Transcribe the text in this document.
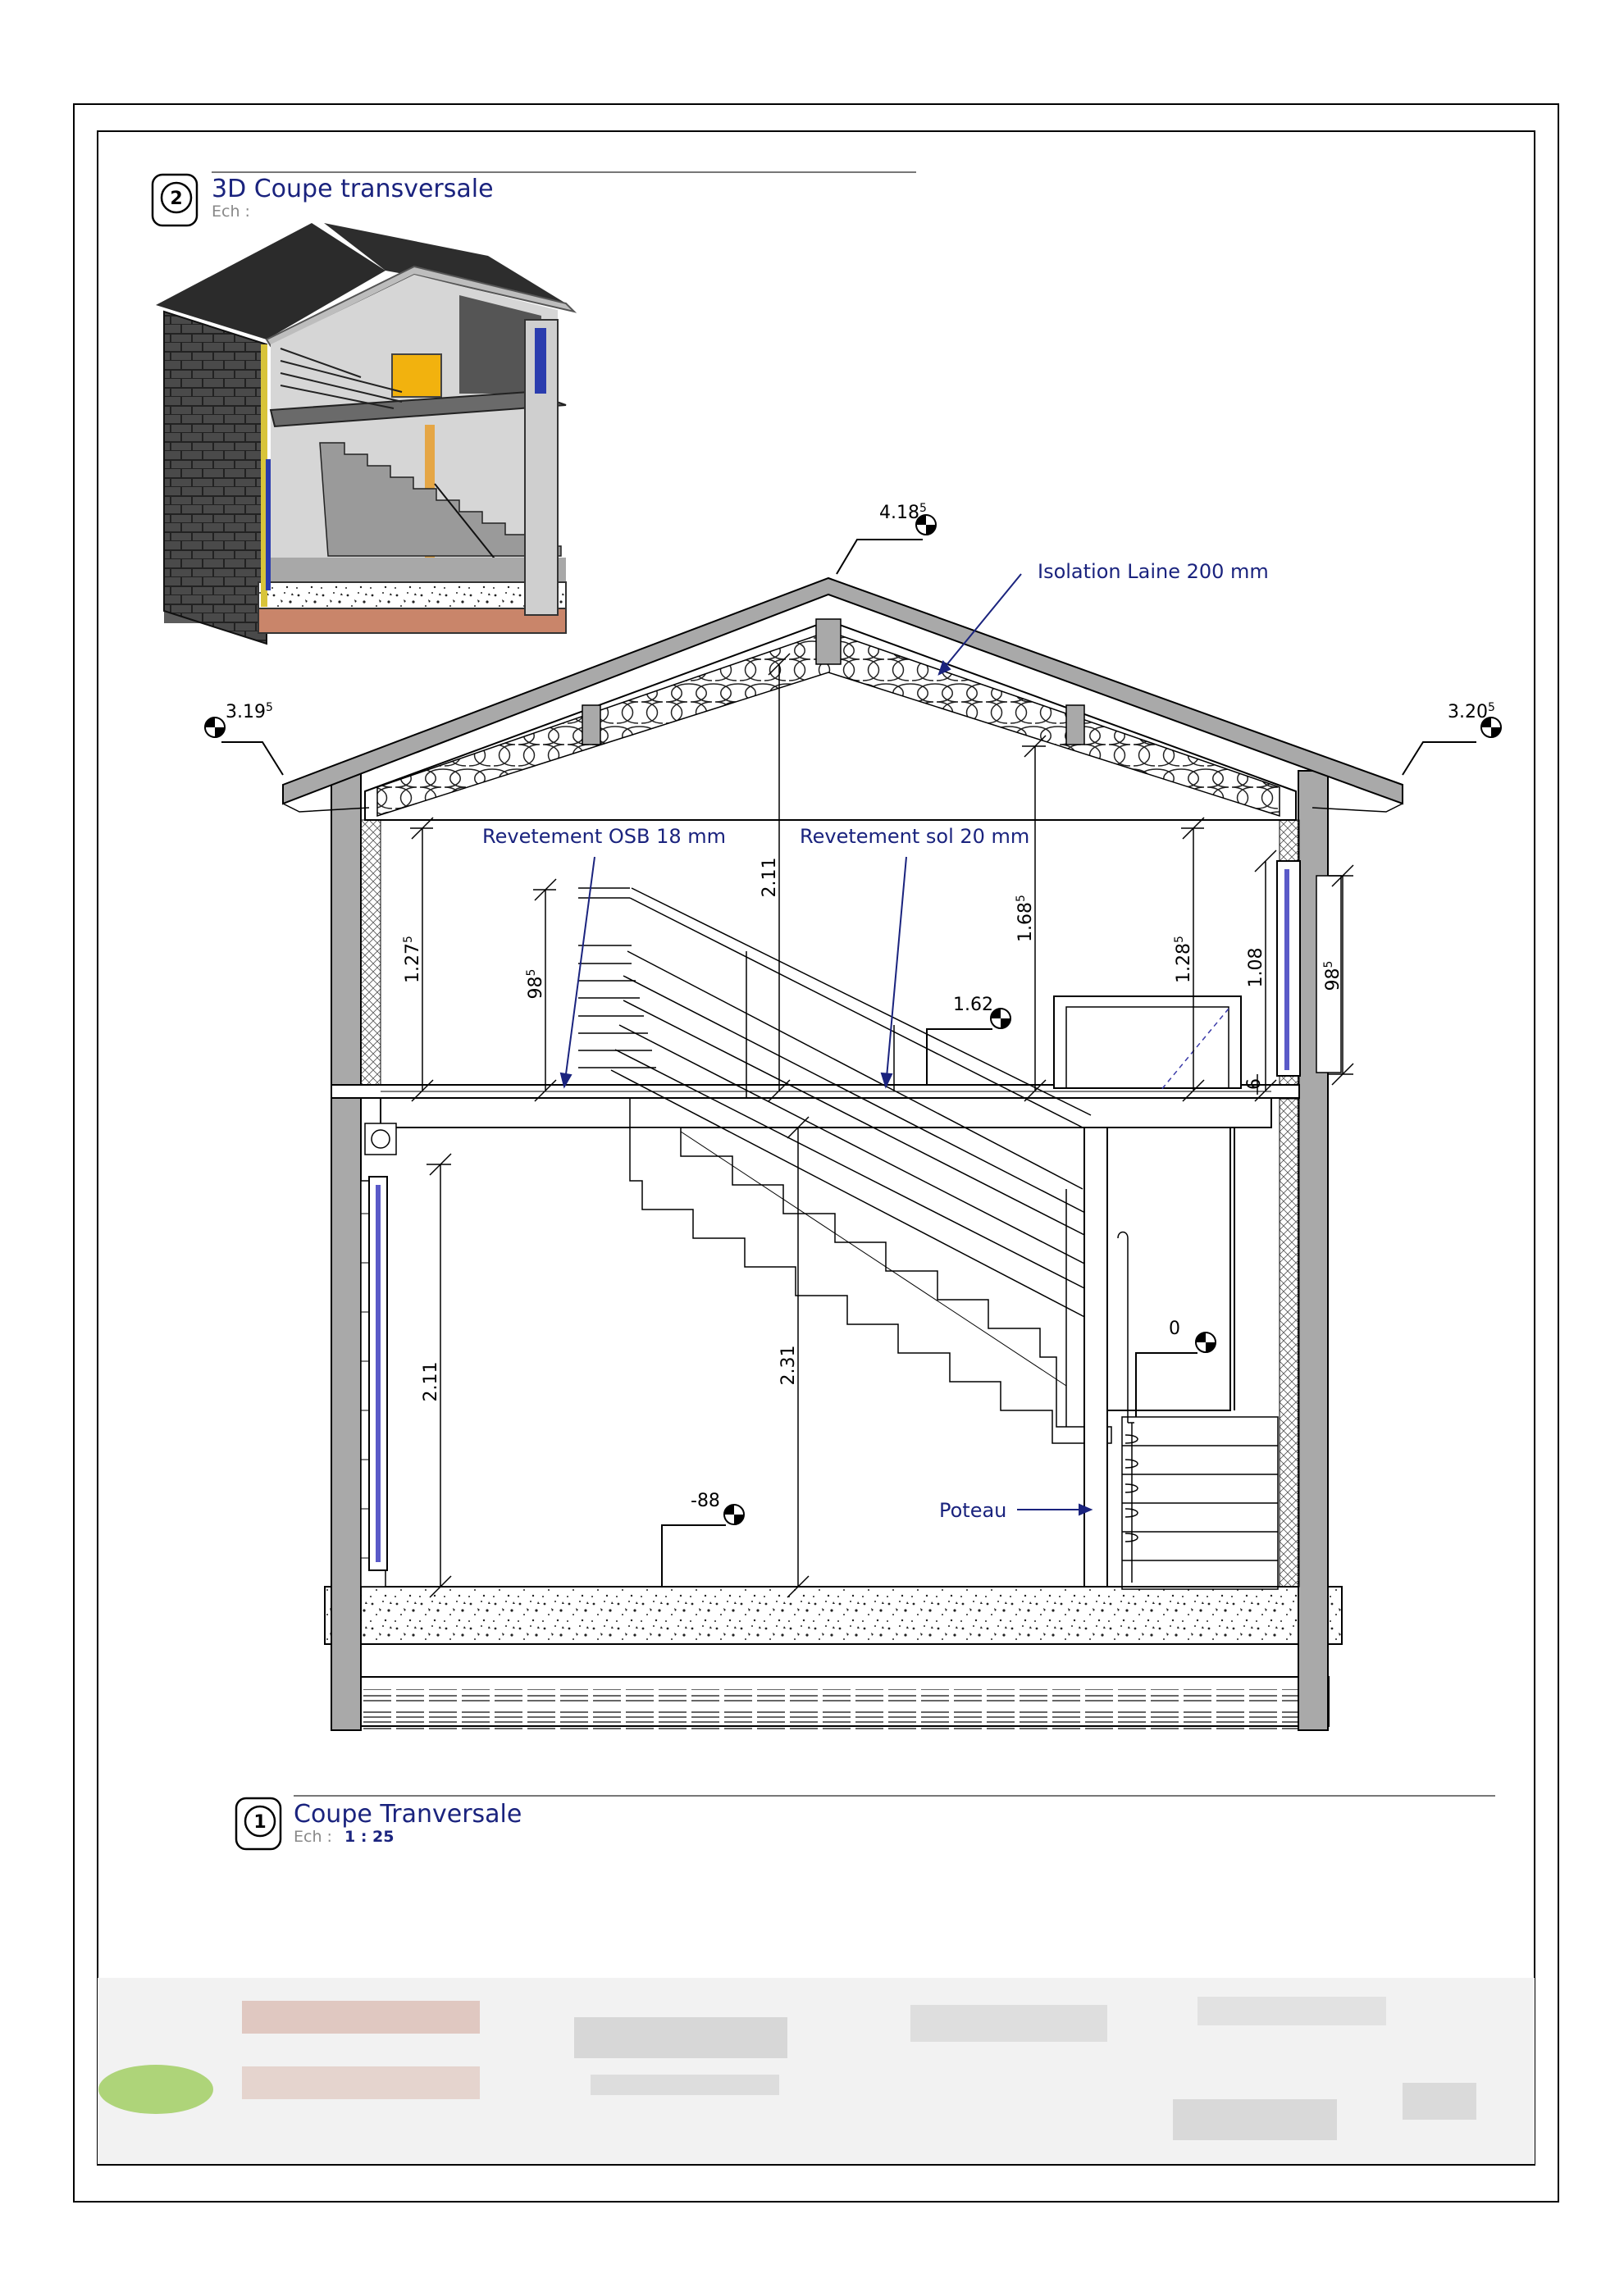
2 3D Coupe transversale
Ech :
4.18$^5$
3.19$^5$	3.20$^5$
1.62
0
-88
1.27$^5$
$98^5$
2.11
1.68$^5$
1.28$^5$
1.08	$98^5$
6
2.11	2.31
Isolation Laine 200 mm
Revetement OSB 18 mm	Revetement sol 20 mm
Poteau
1 Coupe Tranversale
Ech : 1 : 25
